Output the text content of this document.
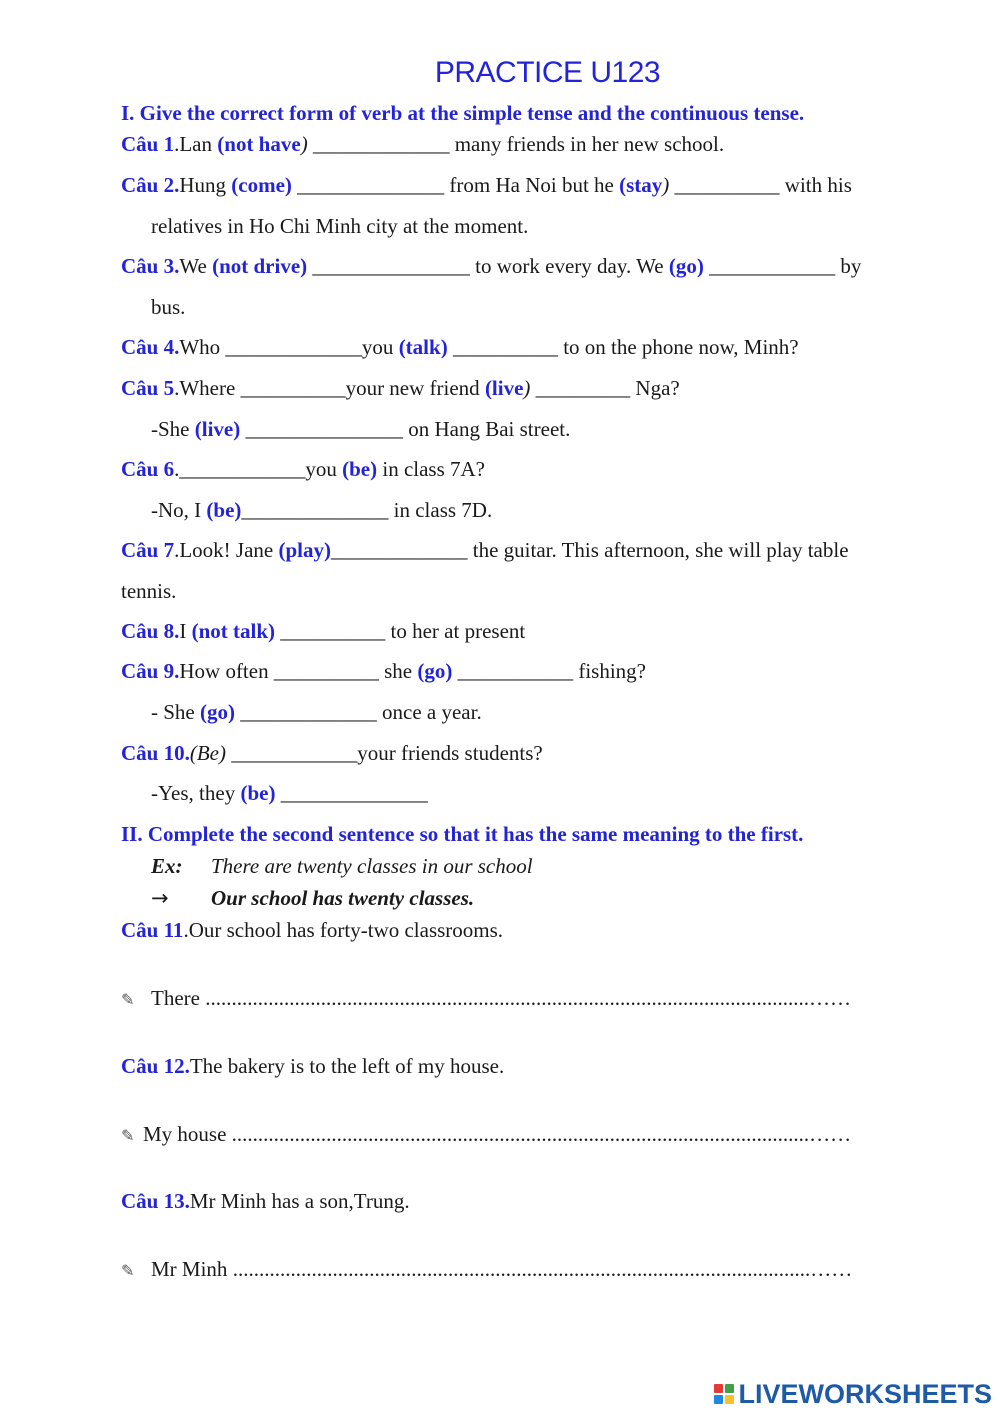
PRACTICE U123
I. Give the correct form of verb at the simple tense and the continuous tense.
Câu 1.Lan (not have) _____________ many friends in her new school.
Câu 2.Hung (come) ______________ from Ha Noi but he (stay) __________ with his
relatives in Ho Chi Minh city at the moment.
Câu 3.We (not drive) _______________ to work every day. We (go) ____________ by
bus.
Câu 4.Who _____________you (talk) __________ to on the phone now, Minh?
Câu 5.Where __________your new friend (live) _________ Nga?
-She (live) _______________ on Hang Bai street.
Câu 6.____________you (be) in class 7A?
-No, I (be)______________ in class 7D.
Câu 7.Look! Jane (play)_____________ the guitar. This afternoon, she will play table
tennis.
Câu 8.I (not talk) __________ to her at present
Câu 9.How often __________ she (go) ___________ fishing?
- She (go) _____________ once a year.
Câu 10.(Be) ____________your friends students?
-Yes, they (be) ______________
II. Complete the second sentence so that it has the same meaning to the first.
Ex: There are twenty classes in our school
→ Our school has twenty classes.
Câu 11.Our school has forty-two classrooms.
✎ There ...................................................................................................................……
Câu 12.The bakery is to the left of my house.
✎ My house ..............................................................................................................……
Câu 13.Mr Minh has a son,Trung.
✎ Mr Minh ..............................................................................................................……
LIVEWORKSHEETS
